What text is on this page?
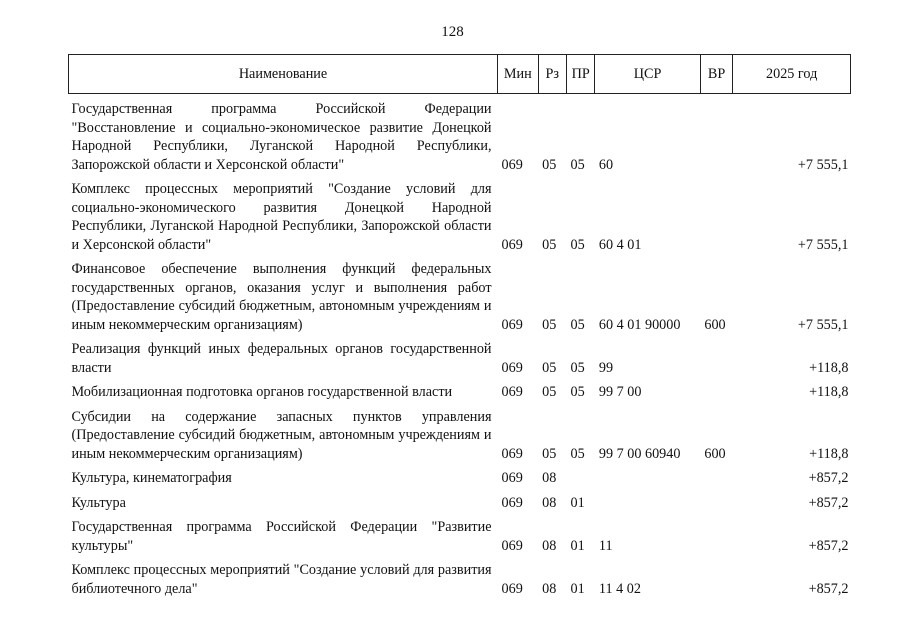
128
Наименование	Мин	Рз	ПР	ЦСР	ВР	2025 год
Государственная программа Российской Федерации "Восстановление и социально-экономическое развитие Донецкой Народной Республики, Луганской Народной Республики, Запорожской области и Херсонской области"	069	05	05	60		+7 555,1
Комплекс процессных мероприятий "Создание условий для социально-экономического развития Донецкой Народной Республики, Луганской Народной Республики, Запорожской области и Херсонской области"	069	05	05	60 4 01		+7 555,1
Финансовое обеспечение выполнения функций федеральных государственных органов, оказания услуг и выполнения работ (Предоставление субсидий бюджетным, автономным учреждениям и иным некоммерческим организациям)	069	05	05	60 4 01 90000	600	+7 555,1
Реализация функций иных федеральных органов государственной власти	069	05	05	99		+118,8
Мобилизационная подготовка органов государственной власти	069	05	05	99 7 00		+118,8
Субсидии на содержание запасных пунктов управления (Предоставление субсидий бюджетным, автономным учреждениям и иным некоммерческим организациям)	069	05	05	99 7 00 60940	600	+118,8
Культура, кинематография	069	08				+857,2
Культура	069	08	01			+857,2
Государственная программа Российской Федерации "Развитие культуры"	069	08	01	11		+857,2
Комплекс процессных мероприятий "Создание условий для развития библиотечного дела"	069	08	01	11 4 02		+857,2
